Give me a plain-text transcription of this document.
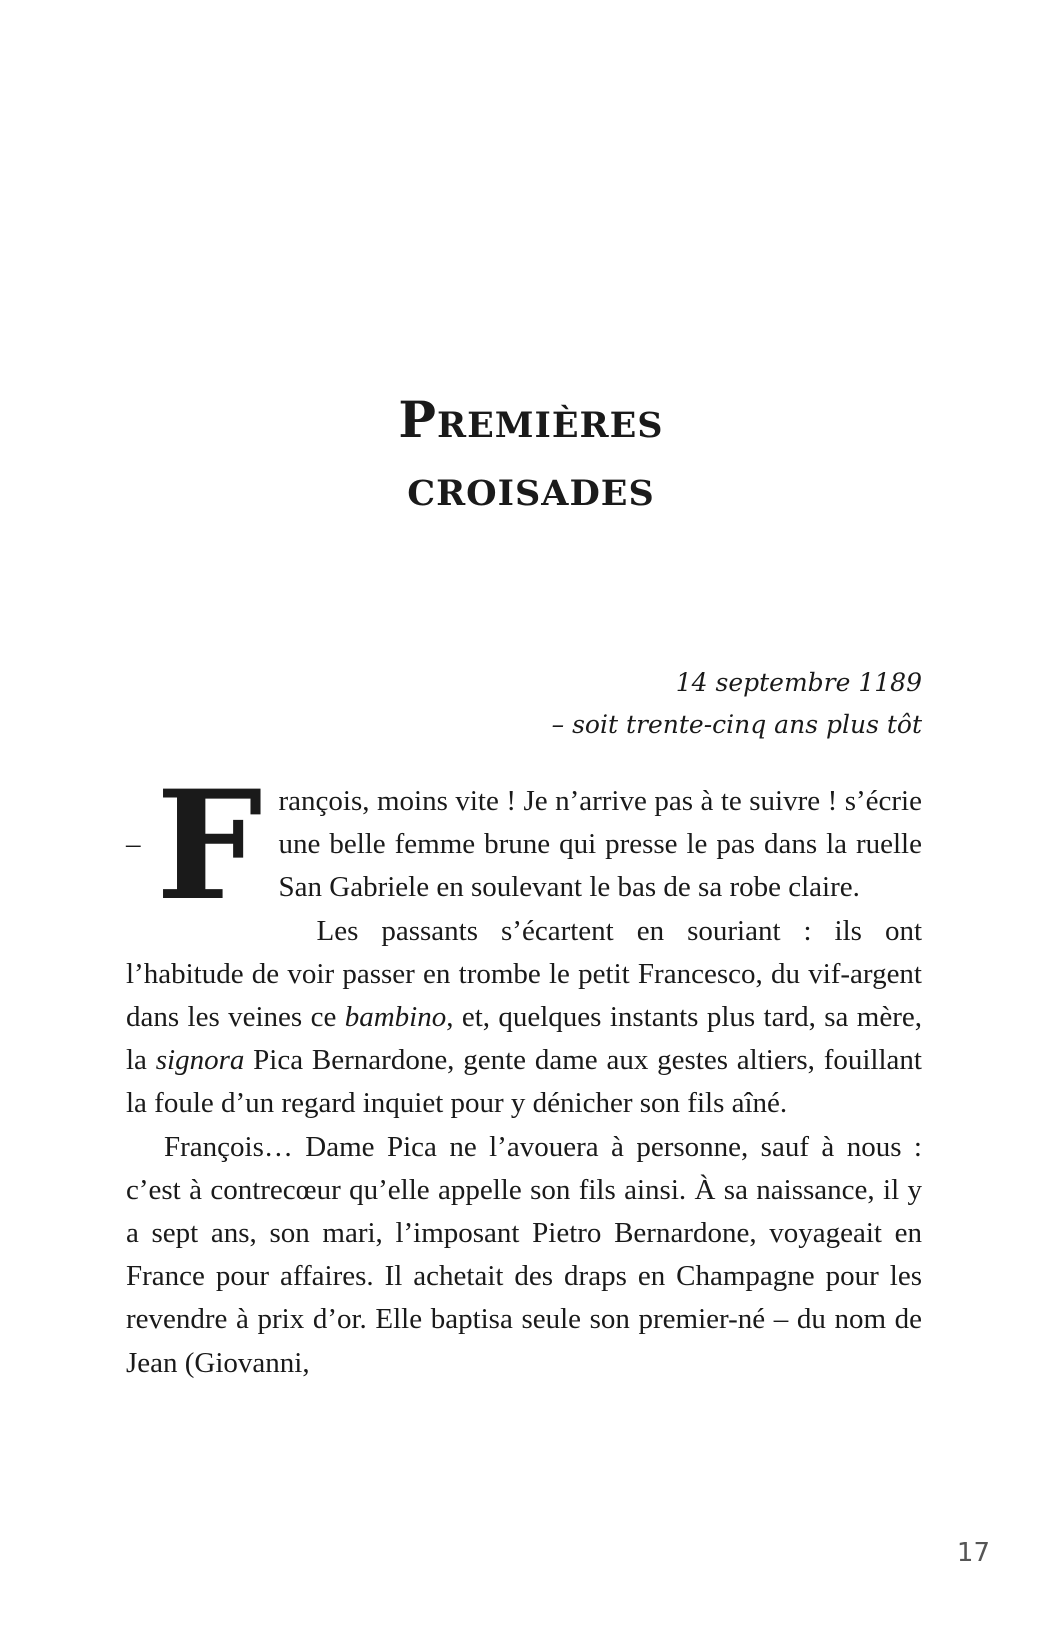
Premières
croisades
14 septembre 1189
– soit trente-cinq ans plus tôt
– F rançois, moins vite ! Je n’arrive pas à te suivre ! s’écrie une belle femme brune qui presse le pas dans la ruelle San Gabriele en soulevant le bas de sa robe claire.

Les passants s’écartent en souriant : ils ont l’habitude de voir passer en trombe le petit Francesco, du vif-argent dans les veines ce bambino, et, quelques instants plus tard, sa mère, la signora Pica Bernardone, gente dame aux gestes altiers, fouillant la foule d’un regard inquiet pour y dénicher son fils aîné.

François… Dame Pica ne l’avouera à personne, sauf à nous : c’est à contrecœur qu’elle appelle son fils ainsi. À sa naissance, il y a sept ans, son mari, l’imposant Pietro Bernardone, voyageait en France pour affaires. Il achetait des draps en Champagne pour les revendre à prix d’or. Elle baptisa seule son premier-né – du nom de Jean (Giovanni,

17
